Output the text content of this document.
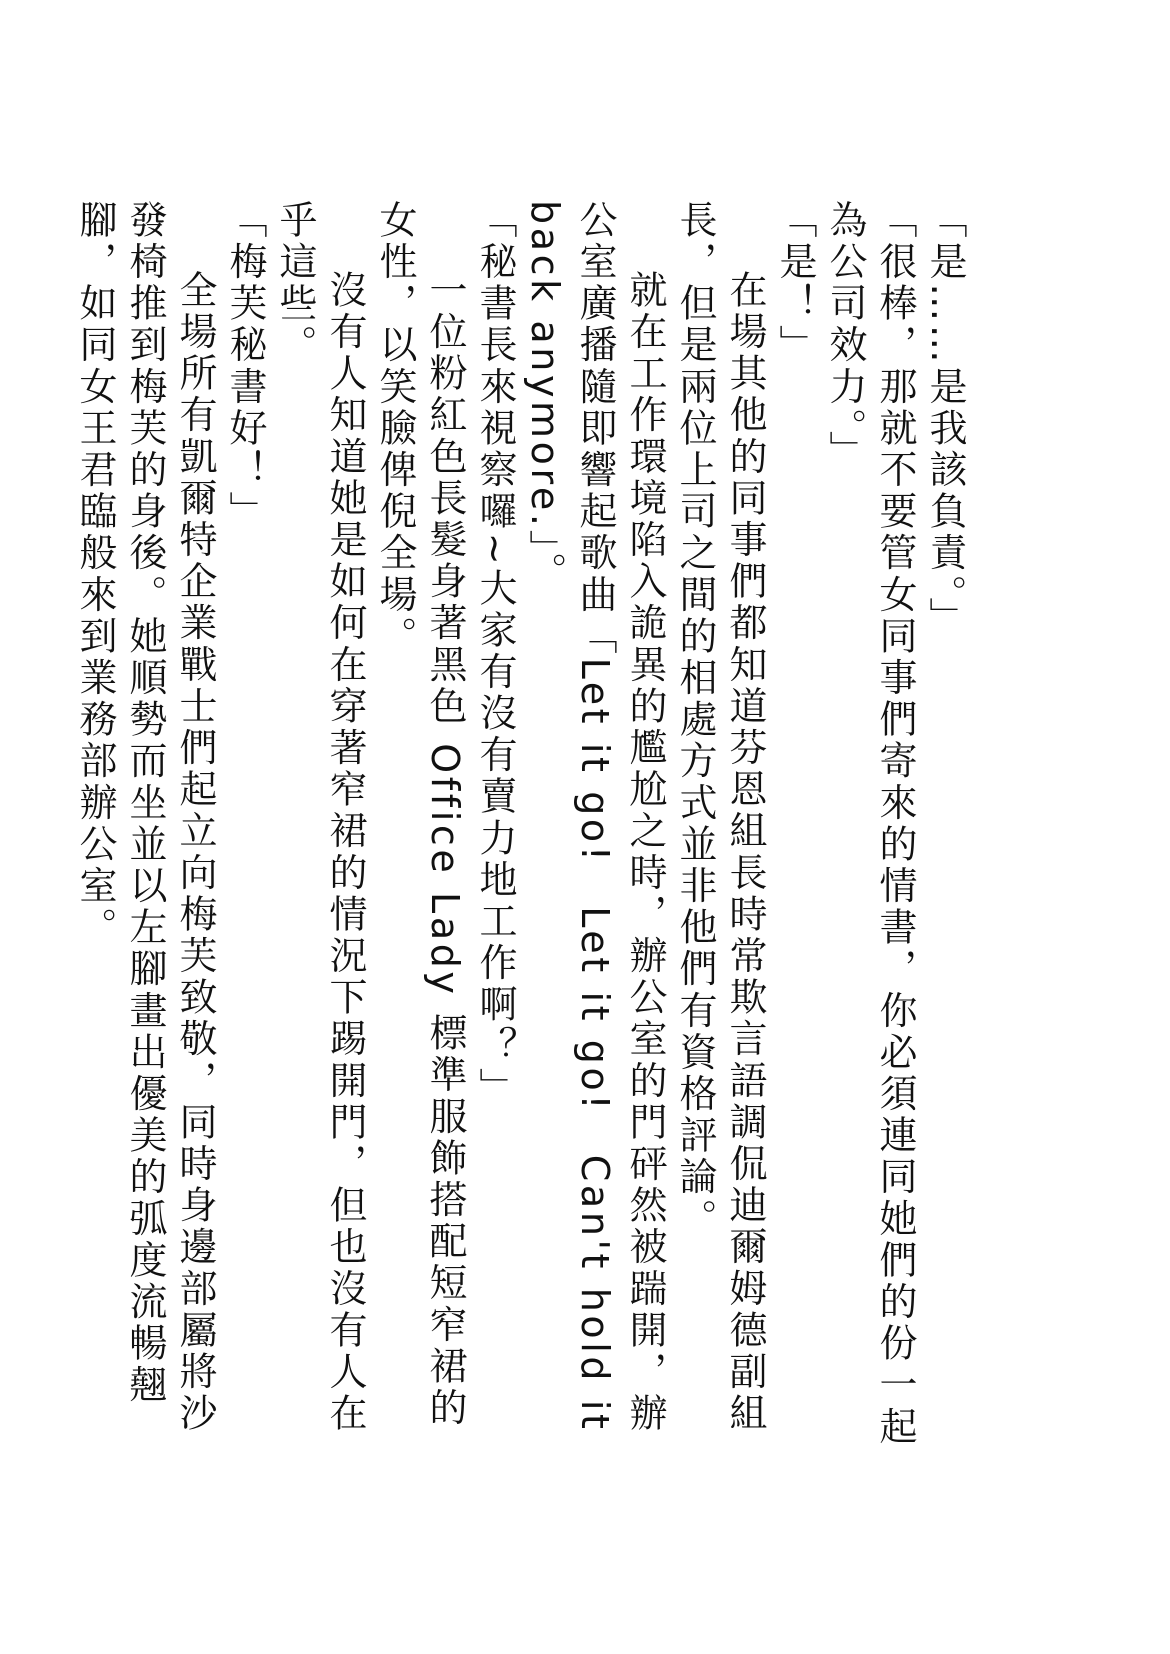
「是……是我該負責。」

「很棒，那就不要管女同事們寄來的情書，你必須連同她們的份一起為公司效力。」

「是！」

在場其他的同事們都知道芬恩組長時常欺言語調侃迪爾姆德副組長，但是兩位上司之間的相處方式並非他們有資格評論。

就在工作環境陷入詭異的尷尬之時，辦公室的門砰然被踹開，辦公室廣播隨即響起歌曲「Let it go!　Let it go!　Can't hold it back anymore.」。

「秘書長來視察囉~大家有沒有賣力地工作啊？」

一位粉紅色長髮身著黑色 Office Lady 標準服飾搭配短窄裙的女性，以笑臉俾倪全場。

沒有人知道她是如何在穿著窄裙的情況下踢開門，但也沒有人在乎這些。

「梅芙秘書好！」

全場所有凱爾特企業戰士們起立向梅芙致敬，同時身邊部屬將沙發椅推到梅芙的身後。她順勢而坐並以左腳畫出優美的弧度流暢翹腳，如同女王君臨般來到業務部辦公室。
